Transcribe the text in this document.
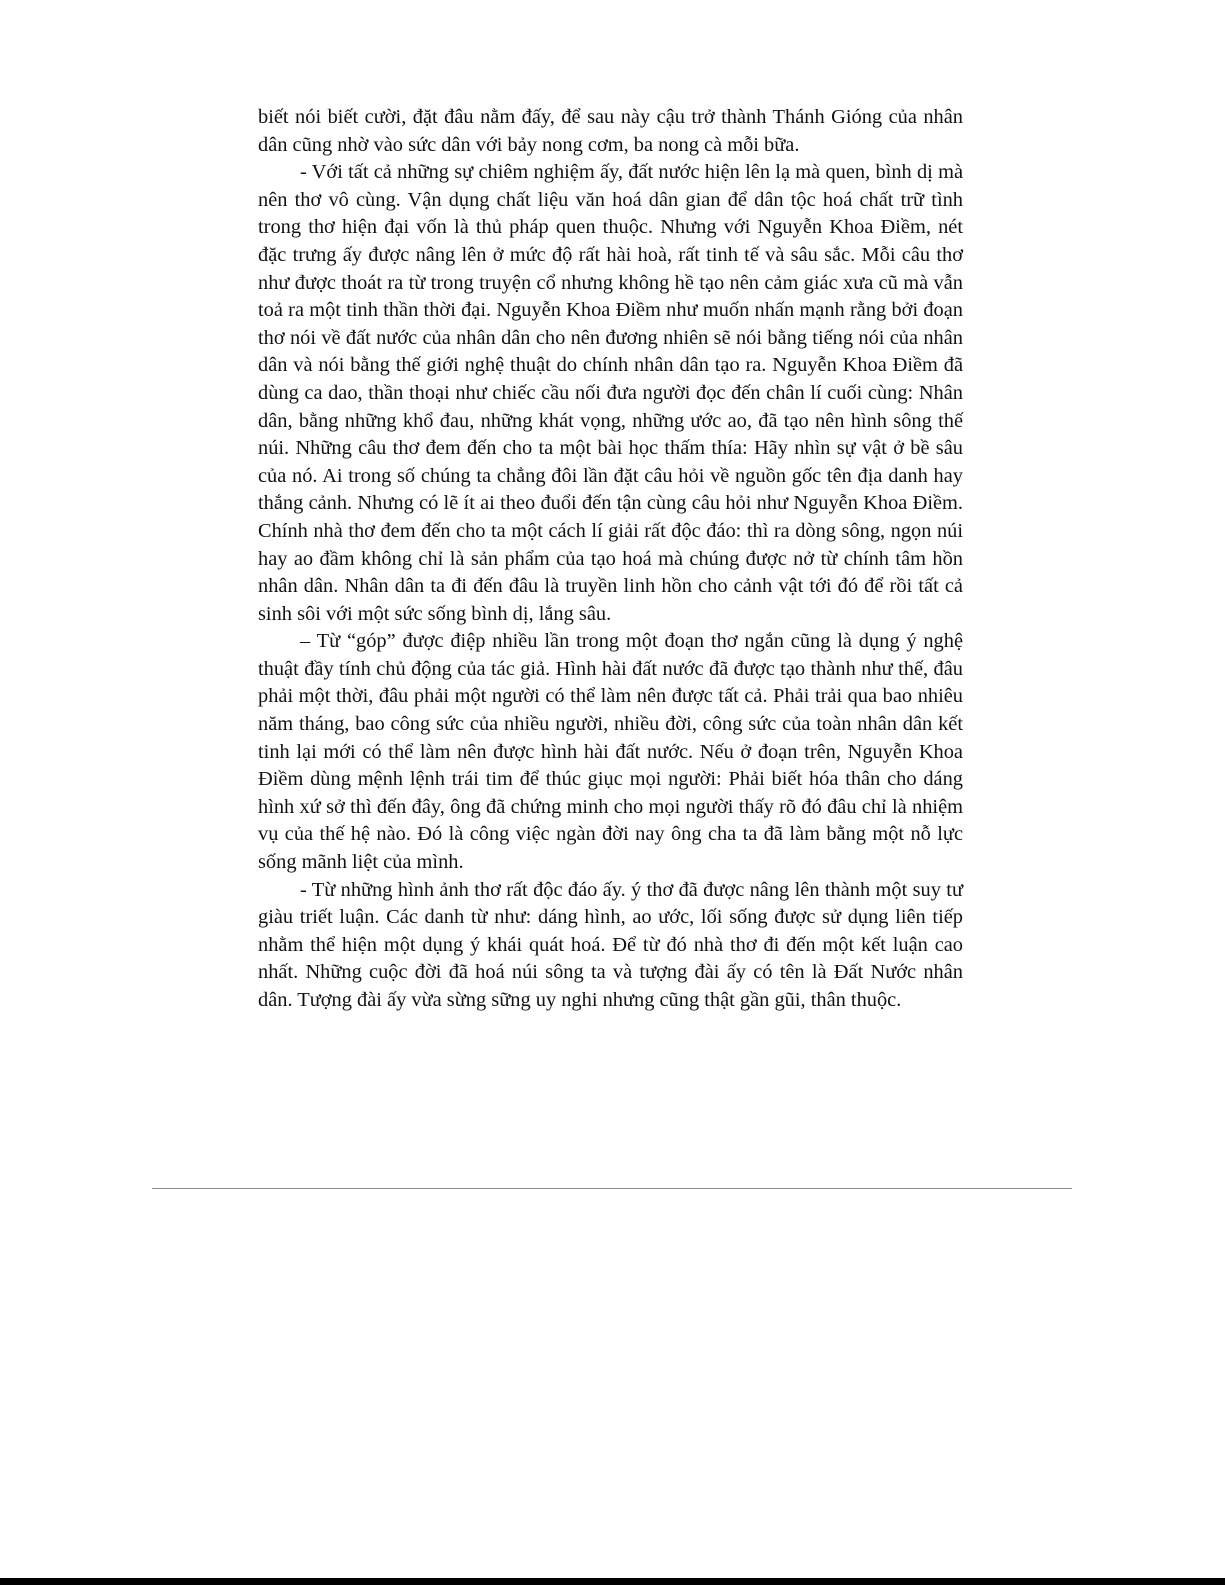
biết nói biết cười, đặt đâu nằm đấy, để sau này cậu trở thành Thánh Gióng của nhân dân cũng nhờ vào sức dân với bảy nong cơm, ba nong cà mỗi bữa.

- Với tất cả những sự chiêm nghiệm ấy, đất nước hiện lên lạ mà quen, bình dị mà nên thơ vô cùng. Vận dụng chất liệu văn hoá dân gian để dân tộc hoá chất trữ tình trong thơ hiện đại vốn là thủ pháp quen thuộc. Nhưng với Nguyễn Khoa Điềm, nét đặc trưng ấy được nâng lên ở mức độ rất hài hoà, rất tinh tế và sâu sắc. Mỗi câu thơ như được thoát ra từ trong truyện cổ nhưng không hề tạo nên cảm giác xưa cũ mà vẫn toả ra một tinh thần thời đại. Nguyễn Khoa Điềm như muốn nhấn mạnh rằng bởi đoạn thơ nói về đất nước của nhân dân cho nên đương nhiên sẽ nói bằng tiếng nói của nhân dân và nói bằng thế giới nghệ thuật do chính nhân dân tạo ra. Nguyễn Khoa Điềm đã dùng ca dao, thần thoại như chiếc cầu nối đưa người đọc đến chân lí cuối cùng: Nhân dân, bằng những khổ đau, những khát vọng, những ước ao, đã tạo nên hình sông thế núi. Những câu thơ đem đến cho ta một bài học thấm thía: Hãy nhìn sự vật ở bề sâu của nó. Ai trong số chúng ta chẳng đôi lần đặt câu hỏi về nguồn gốc tên địa danh hay thắng cảnh. Nhưng có lẽ ít ai theo đuổi đến tận cùng câu hỏi như Nguyễn Khoa Điềm. Chính nhà thơ đem đến cho ta một cách lí giải rất độc đáo: thì ra dòng sông, ngọn núi hay ao đầm không chỉ là sản phẩm của tạo hoá mà chúng được nở từ chính tâm hồn nhân dân. Nhân dân ta đi đến đâu là truyền linh hồn cho cảnh vật tới đó để rồi tất cả sinh sôi với một sức sống bình dị, lắng sâu.

– Từ “góp” được điệp nhiều lần trong một đoạn thơ ngắn cũng là dụng ý nghệ thuật đầy tính chủ động của tác giả. Hình hài đất nước đã được tạo thành như thế, đâu phải một thời, đâu phải một người có thể làm nên được tất cả. Phải trải qua bao nhiêu năm tháng, bao công sức của nhiều người, nhiều đời, công sức của toàn nhân dân kết tinh lại mới có thể làm nên được hình hài đất nước. Nếu ở đoạn trên, Nguyễn Khoa Điềm dùng mệnh lệnh trái tim để thúc giục mọi người: Phải biết hóa thân cho dáng hình xứ sở thì đến đây, ông đã chứng minh cho mọi người thấy rõ đó đâu chỉ là nhiệm vụ của thế hệ nào. Đó là công việc ngàn đời nay ông cha ta đã làm bằng một nỗ lực sống mãnh liệt của mình.

- Từ những hình ảnh thơ rất độc đáo ấy. ý thơ đã được nâng lên thành một suy tư giàu triết luận. Các danh từ như: dáng hình, ao ước, lối sống được sử dụng liên tiếp nhằm thể hiện một dụng ý khái quát hoá. Để từ đó nhà thơ đi đến một kết luận cao nhất. Những cuộc đời đã hoá núi sông ta và tượng đài ấy có tên là Đất Nước nhân dân. Tượng đài ấy vừa sừng sững uy nghi nhưng cũng thật gần gũi, thân thuộc.
